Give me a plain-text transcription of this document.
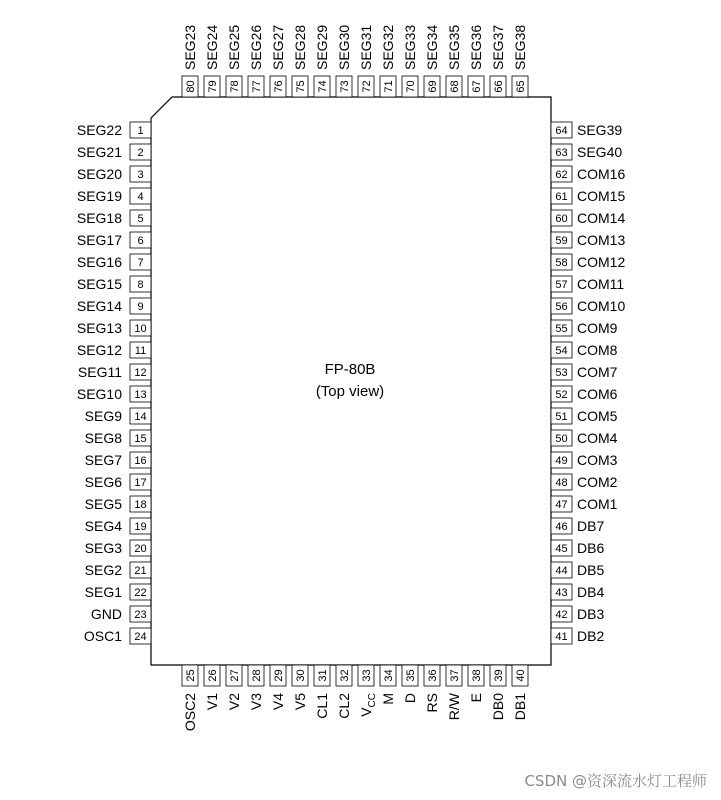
FP-80B
(Top view)
1
SEG22
2
SEG21
3
SEG20
4
SEG19
5
SEG18
6
SEG17
7
SEG16
8
SEG15
9
SEG14
10
SEG13
11
SEG12
12
SEG11
13
SEG10
14
SEG9
15
SEG8
16
SEG7
17
SEG6
18
SEG5
19
SEG4
20
SEG3
21
SEG2
22
SEG1
23
GND
24
OSC1
64 SEG39
63 SEG40
62 COM16
61 COM15
60 COM14
59 COM13
58 COM12
57 COM11
56 COM10
55 COM9
54 COM8
53 COM7
52 COM6
51 COM5
50 COM4
49 COM3
48 COM2
47 COM1
46 DB7
45 DB6
44 DB5
43 DB4
42 DB3
41 DB2
80
SEG23
79
SEG24
78
SEG25
77
SEG26
76
SEG27
75
SEG28
74
SEG29
73
SEG30
72
SEG31
71
SEG32
70
SEG33
69
SEG34
68
SEG35
67
SEG36
66
SEG37
65
SEG38
25
OSC2
26
V1
27
V2
28
V3
29
V4
30
V5
31
CL1
32
CL2
33
$V_{CC}$
34
M
35
D
36
RS
37
R/W
38
E
39
DB0
40
DB1
CSDN @资深流水灯工程师
